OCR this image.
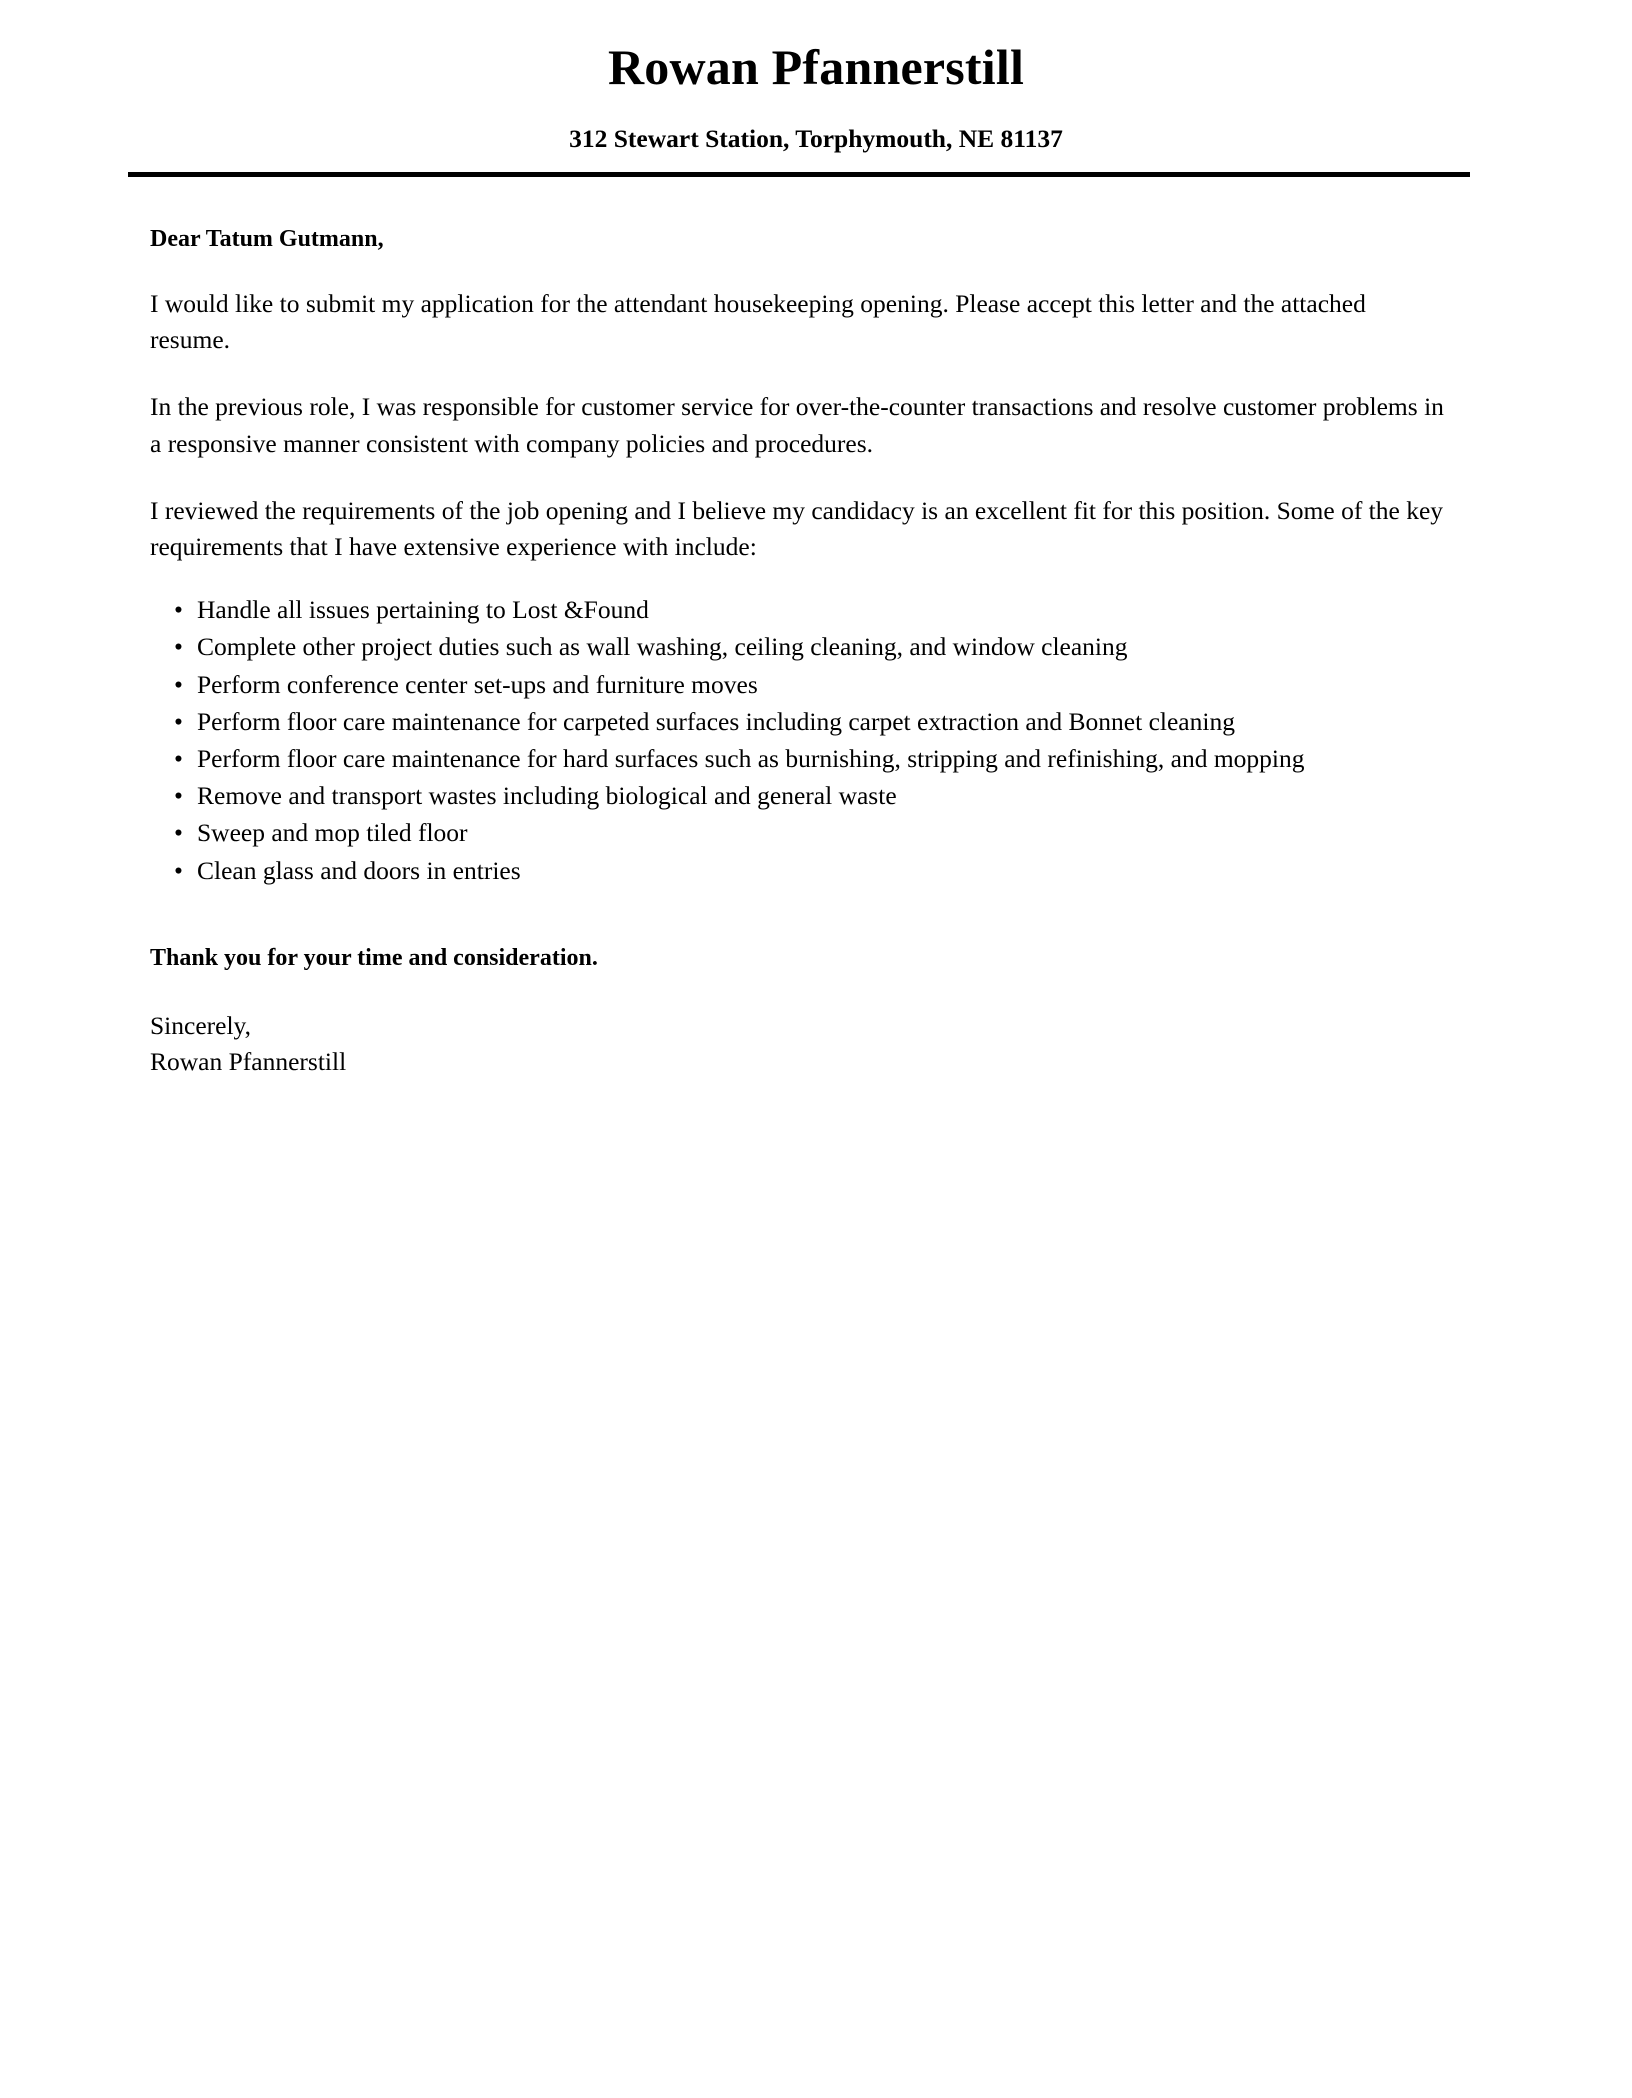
Rowan Pfannerstill

312 Stewart Station, Torphymouth, NE 81137

Dear Tatum Gutmann,

I would like to submit my application for the attendant housekeeping opening. Please accept this letter and the attached resume.

In the previous role, I was responsible for customer service for over-the-counter transactions and resolve customer problems in a responsive manner consistent with company policies and procedures.

I reviewed the requirements of the job opening and I believe my candidacy is an excellent fit for this position. Some of the key requirements that I have extensive experience with include:

• Handle all issues pertaining to Lost &Found
• Complete other project duties such as wall washing, ceiling cleaning, and window cleaning
• Perform conference center set-ups and furniture moves
• Perform floor care maintenance for carpeted surfaces including carpet extraction and Bonnet cleaning
• Perform floor care maintenance for hard surfaces such as burnishing, stripping and refinishing, and mopping
• Remove and transport wastes including biological and general waste
• Sweep and mop tiled floor
• Clean glass and doors in entries

Thank you for your time and consideration.

Sincerely,

Rowan Pfannerstill
